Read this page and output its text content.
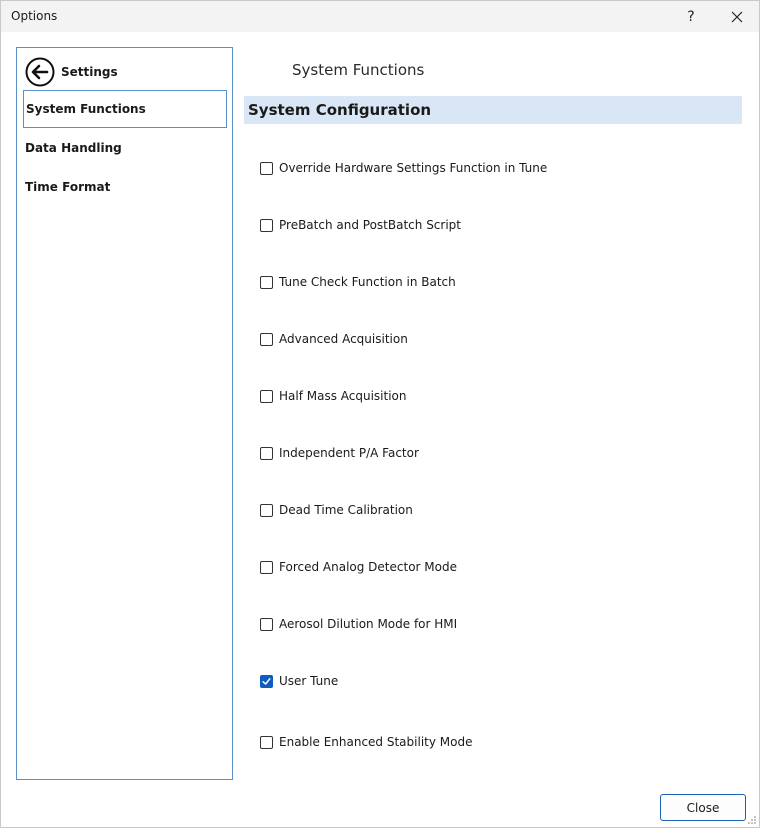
Options	?
Settings
System Functions
Data Handling
Time Format
System Functions
System Configuration
Override Hardware Settings Function in Tune
PreBatch and PostBatch Script
Tune Check Function in Batch
Advanced Acquisition
Half Mass Acquisition
Independent P/A Factor
Dead Time Calibration
Forced Analog Detector Mode
Aerosol Dilution Mode for HMI
User Tune
Enable Enhanced Stability Mode
Close
